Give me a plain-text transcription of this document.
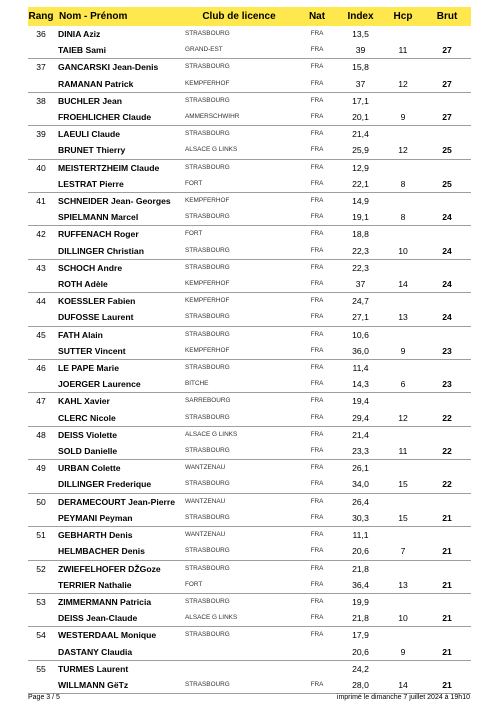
Rang	Nom - Prénom	Club de licence	Nat	Index	Hcp	Brut
36	DINIA Aziz	STRASBOURG	FRA	13,5		
	TAIEB Sami	GRAND-EST	FRA	39	11	27
37	GANCARSKI Jean-Denis	STRASBOURG	FRA	15,8		
	RAMANAN Patrick	KEMPFERHOF	FRA	37	12	27
38	BUCHLER Jean	STRASBOURG	FRA	17,1		
	FROEHLICHER Claude	AMMERSCHWIHR	FRA	20,1	9	27
39	LAEULI Claude	STRASBOURG	FRA	21,4		
	BRUNET Thierry	ALSACE G LINKS	FRA	25,9	12	25
40	MEISTERTZHEIM Claude	STRASBOURG	FRA	12,9		
	LESTRAT Pierre	FORT	FRA	22,1	8	25
41	SCHNEIDER Jean- Georges	KEMPFERHOF	FRA	14,9		
	SPIELMANN Marcel	STRASBOURG	FRA	19,1	8	24
42	RUFFENACH Roger	FORT	FRA	18,8		
	DILLINGER Christian	STRASBOURG	FRA	22,3	10	24
43	SCHOCH Andre	STRASBOURG	FRA	22,3		
	ROTH Adèle	KEMPFERHOF	FRA	37	14	24
44	KOESSLER Fabien	KEMPFERHOF	FRA	24,7		
	DUFOSSE Laurent	STRASBOURG	FRA	27,1	13	24
45	FATH Alain	STRASBOURG	FRA	10,6		
	SUTTER Vincent	KEMPFERHOF	FRA	36,0	9	23
46	LE PAPE Marie	STRASBOURG	FRA	11,4		
	JOERGER Laurence	BITCHE	FRA	14,3	6	23
47	KAHL Xavier	SARREBOURG	FRA	19,4		
	CLERC Nicole	STRASBOURG	FRA	29,4	12	22
48	DEISS Violette	ALSACE G LINKS	FRA	21,4		
	SOLD Danielle	STRASBOURG	FRA	23,3	11	22
49	URBAN Colette	WANTZENAU	FRA	26,1		
	DILLINGER Frederique	STRASBOURG	FRA	34,0	15	22
50	DERAMECOURT Jean-Pierre	WANTZENAU	FRA	26,4		
	PEYMANI Peyman	STRASBOURG	FRA	30,3	15	21
51	GEBHARTH Denis	WANTZENAU	FRA	11,1		
	HELMBACHER Denis	STRASBOURG	FRA	20,6	7	21
52	ZWIEFELHOFER DŽGoze	STRASBOURG	FRA	21,8		
	TERRIER Nathalie	FORT	FRA	36,4	13	21
53	ZIMMERMANN Patricia	STRASBOURG	FRA	19,9		
	DEISS Jean-Claude	ALSACE G LINKS	FRA	21,8	10	21
54	WESTERDAAL Monique	STRASBOURG	FRA	17,9		
	DASTANY Claudia			20,6	9	21
55	TURMES Laurent			24,2		
	WILLMANN GëTz	STRASBOURG	FRA	28,0	14	21
Page 3 / 5	imprimé le dimanche 7 juillet 2024 à 19h10
